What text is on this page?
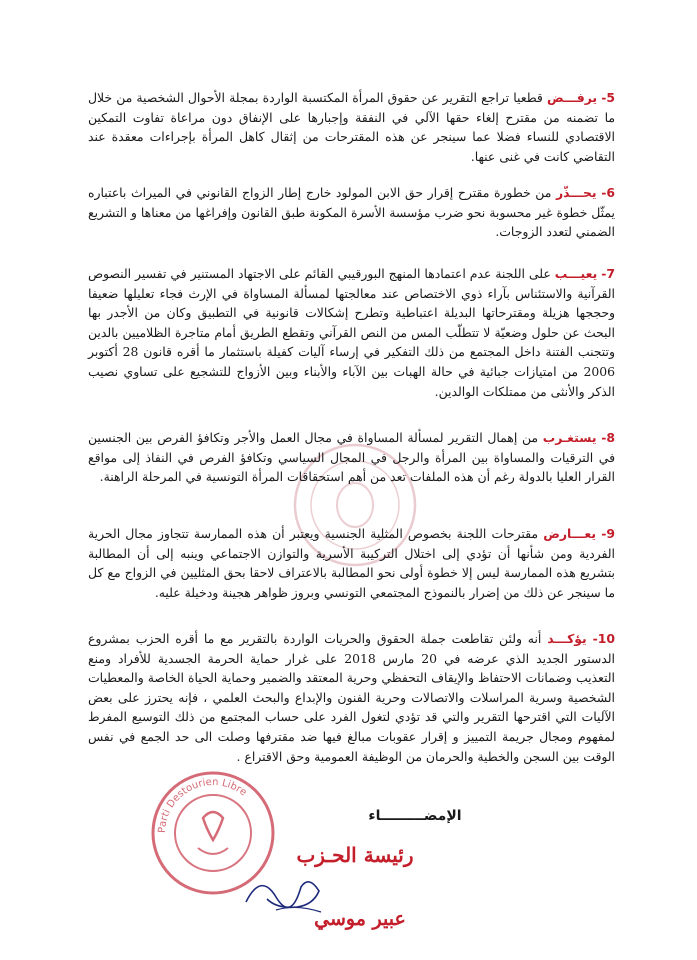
5- يرفـــض قطعيا تراجع التقرير عن حقوق المرأة المكتسبة الواردة بمجلة الأحوال الشخصية من خلال ما تضمنه من مقترح إلغاء حقها الآلي في النفقة وإجبارها على الإنفاق دون مراعاة تفاوت التمكين الاقتصادي للنساء فضلا عما سينجر عن هذه المقترحات من إثقال كاهل المرأة بإجراءات معقدة عند التقاضي كانت في غنى عنها.
6- يحـــذّر من خطورة مقترح إقرار حق الابن المولود خارج إطار الزواج القانوني في الميراث باعتباره يمثّل خطوة غير محسوبة نحو ضرب مؤسسة الأسرة المكونة طبق القانون وإفراغها من معناها و التشريع الضمني لتعدد الزوجات.
7- يعيـــب على اللجنة عدم اعتمادها المنهج البورقيبي القائم على الاجتهاد المستنير في تفسير النصوص القرآنية والاستئناس بآراء ذوي الاختصاص عند معالجتها لمسألة المساواة في الإرث فجاء تعليلها ضعيفا وحججها هزيلة ومقترحاتها البديلة اعتباطية وتطرح إشكالات قانونية في التطبيق وكان من الأجدر بها البحث عن حلول وضعيّة لا تتطلّب المس من النص القرآني وتقطع الطريق أمام متاجرة الظلاميين بالدين وتتجنب الفتنة داخل المجتمع من ذلك التفكير في إرساء آليات كفيلة باستثمار ما أقره قانون 28 أكتوبر 2006 من امتيازات جبائية في حالة الهبات بين الآباء والأبناء وبين الأزواج للتشجيع على تساوي نصيب الذكر والأنثى من ممتلكات الوالدين.
8- يستغـرب من إهمال التقرير لمسألة المساواة في مجال العمل والأجر وتكافؤ الفرص بين الجنسين في الترقيات والمساواة بين المرأة والرجل في المجال السياسي وتكافؤ الفرص في النفاذ إلى مواقع القرار العليا بالدولة رغم أن هذه الملفات تعد من أهم استحقاقات المرأة التونسية في المرحلة الراهنة.
9- يعـــارض مقترحات اللجنة بخصوص المثلية الجنسية ويعتبر أن هذه الممارسة تتجاوز مجال الحرية الفردية ومن شأنها أن تؤدي إلى اختلال التركيبة الأسرية والتوازن الاجتماعي وينبه إلى أن المطالبة بتشريع هذه الممارسة ليس إلا خطوة أولى نحو المطالبة بالاعتراف لاحقا بحق المثليين في الزواج مع كل ما سينجر عن ذلك من إضرار بالنموذج المجتمعي التونسي وبروز ظواهر هجينة ودخيلة عليه.
10- يؤكـــد أنه ولئن تقاطعت جملة الحقوق والحريات الواردة بالتقرير مع ما أقره الحزب بمشروع الدستور الجديد الذي عرضه في 20 مارس 2018 على غرار حماية الحرمة الجسدية للأفراد ومنع التعذيب وضمانات الاحتفاظ والإيقاف التحفظي وحرية المعتقد والضمير وحماية الحياة الخاصة والمعطيات الشخصية وسرية المراسلات والاتصالات وحرية الفنون والإبداع والبحث العلمي ، فإنه يحترز على بعض الآليات التي اقترحها التقرير والتي قد تؤدي لتغول الفرد على حساب المجتمع من ذلك التوسيع المفرط لمفهوم ومجال جريمة التمييز و إقرار عقوبات مبالغ فيها ضد مقترفها وصلت الى حد الجمع في نفس الوقت بين السجن والخطية والحرمان من الوظيفة العمومية وحق الاقتراع .
Parti Destourien Libre
الإمضـــــــــاء
رئيسة الحـزب
عبير موسي
